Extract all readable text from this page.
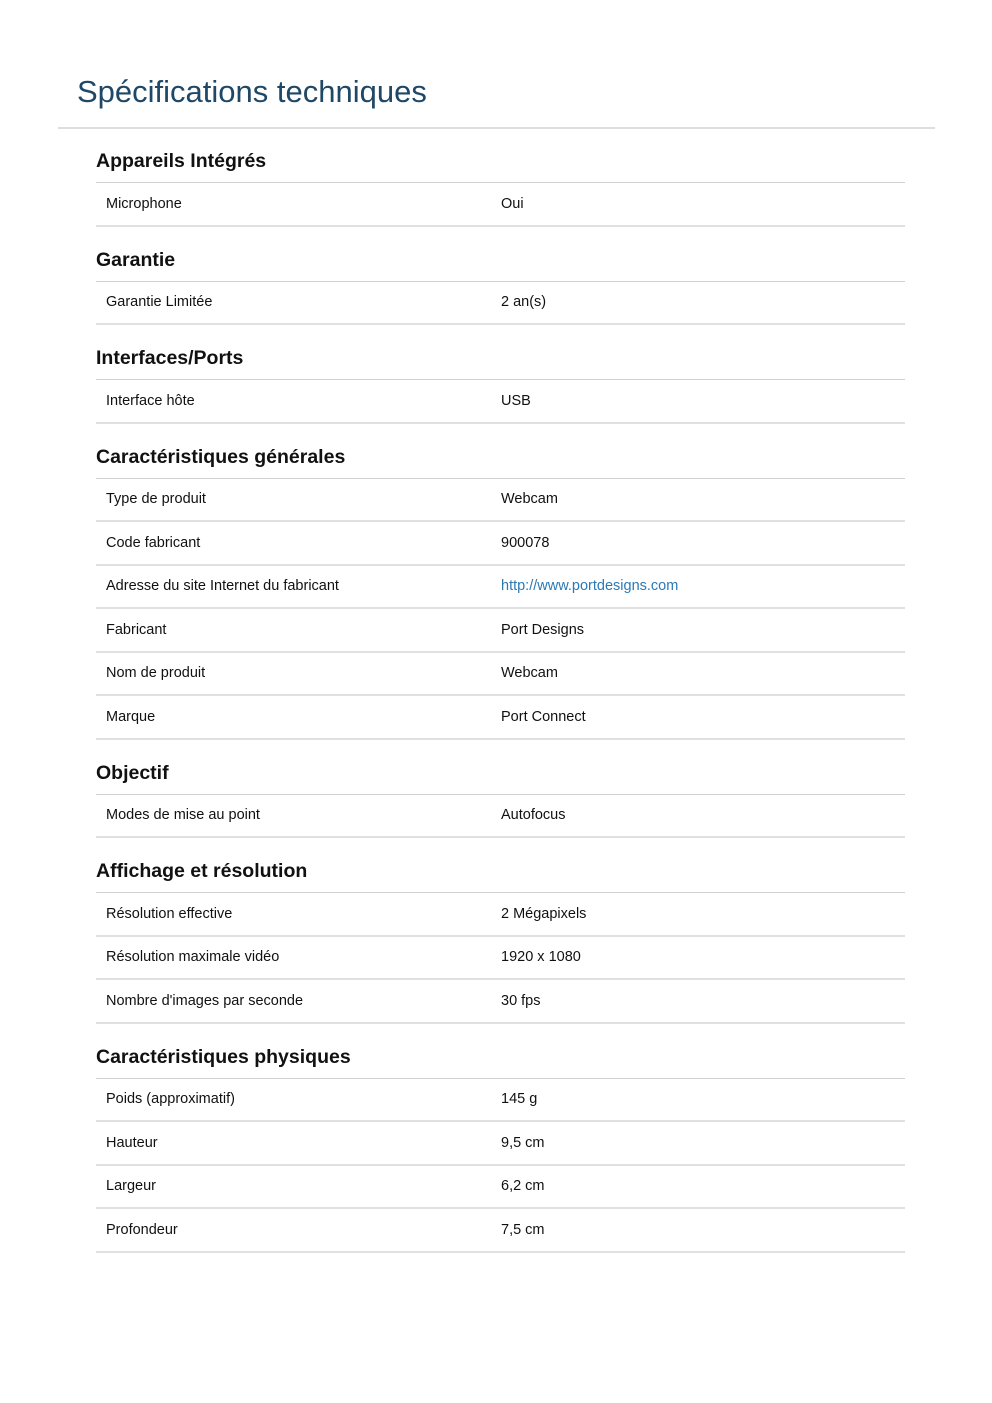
Spécifications techniques
Appareils Intégrés
Microphone	Oui
Garantie
Garantie Limitée	2 an(s)
Interfaces/Ports
Interface hôte	USB
Caractéristiques générales
Type de produit	Webcam
Code fabricant	900078
Adresse du site Internet du fabricant	http://www.portdesigns.com
Fabricant	Port Designs
Nom de produit	Webcam
Marque	Port Connect
Objectif
Modes de mise au point	Autofocus
Affichage et résolution
Résolution effective	2 Mégapixels
Résolution maximale vidéo	1920 x 1080
Nombre d'images par seconde	30 fps
Caractéristiques physiques
Poids (approximatif)	145 g
Hauteur	9,5 cm
Largeur	6,2 cm
Profondeur	7,5 cm
